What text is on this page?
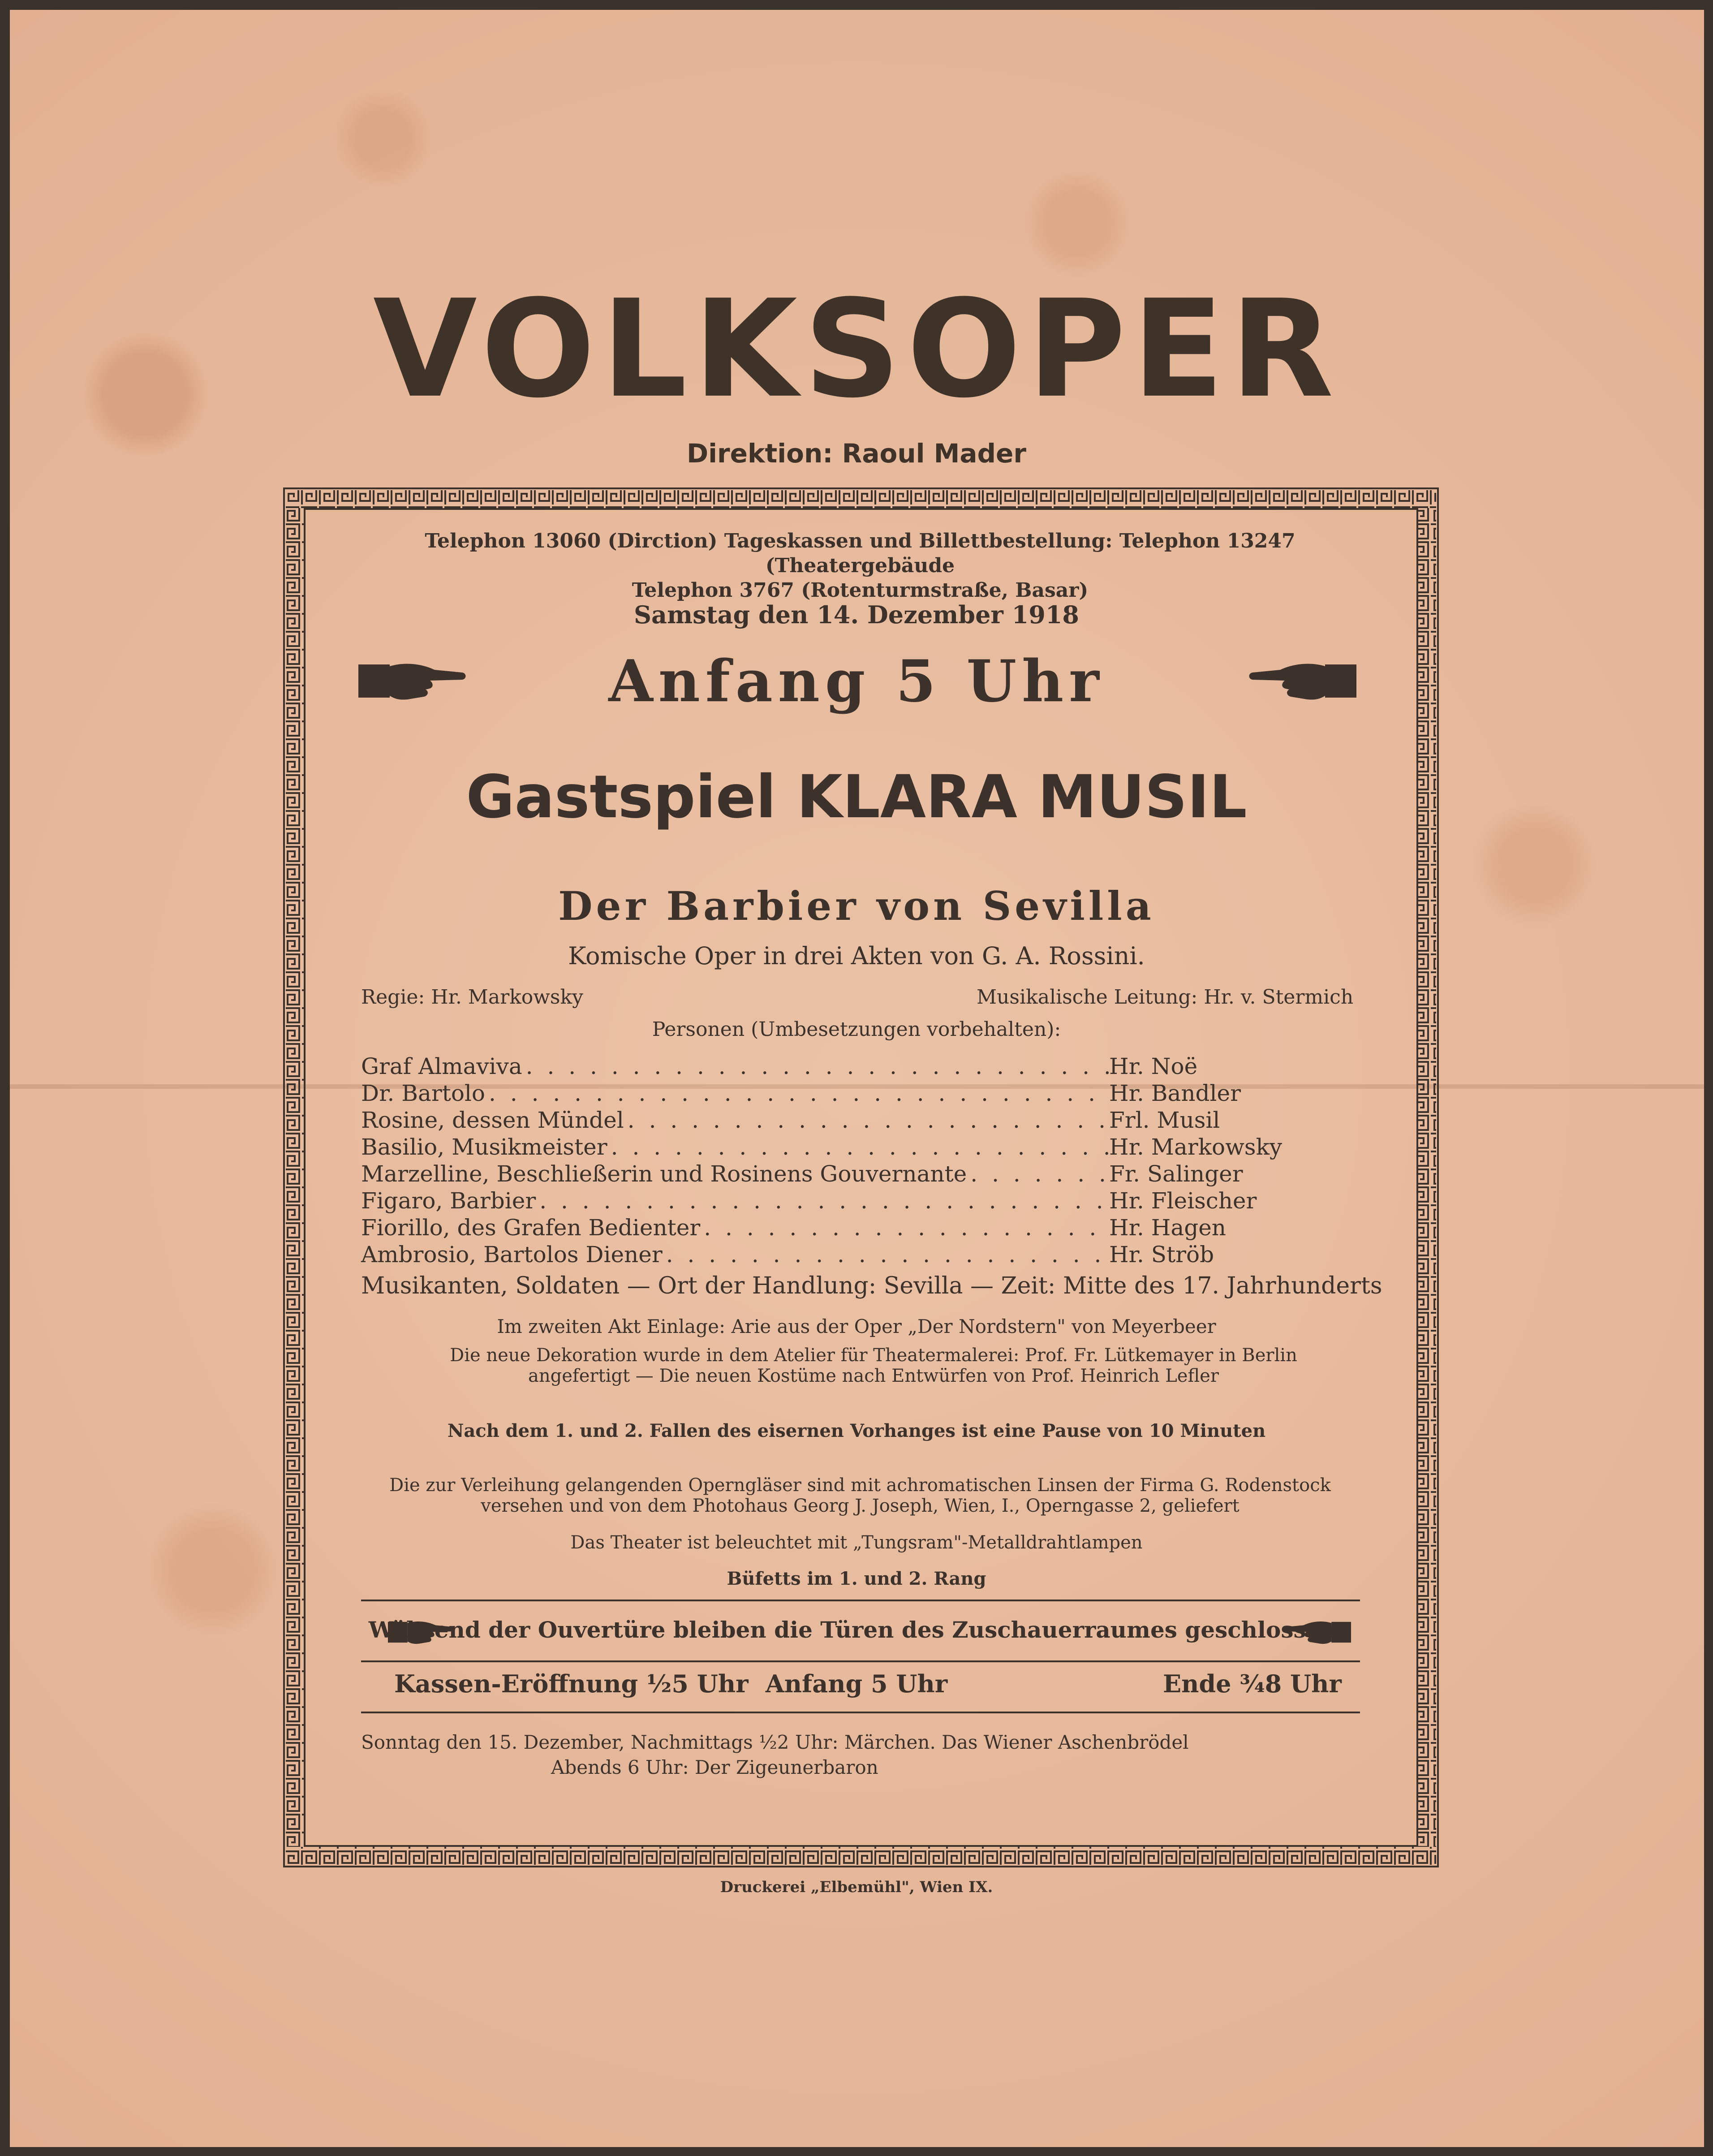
VOLKSOPER
Direktion: Raoul Mader
Telephon 13060 (Dirction) Tageskassen und Billettbestellung: Telephon 13247 (Theatergebäude
Telephon 3767 (Rotenturmstraße, Basar)
Samstag den 14. Dezember 1918
Anfang 5 Uhr
Gastspiel KLARA MUSIL
Der Barbier von Sevilla
Komische Oper in drei Akten von G. A. Rossini.
Regie: Hr. Markowsky	Musikalische Leitung: Hr. v. Stermich
Personen (Umbesetzungen vorbehalten):
Graf Almaviva . . .	Hr. Noë
Dr. Bartolo . . .	Hr. Bandler
Rosine, dessen Mündel . . .	Frl. Musil
Basilio, Musikmeister . . .	Hr. Markowsky
Marzelline, Beschließerin und Rosinens Gouvernante . . .	Fr. Salinger
Figaro, Barbier . . .	Hr. Fleischer
Fiorillo, des Grafen Bedienter . . .	Hr. Hagen
Ambrosio, Bartolos Diener . . .	Hr. Ströb
Musikanten, Soldaten — Ort der Handlung: Sevilla — Zeit: Mitte des 17. Jahrhunderts
Im zweiten Akt Einlage: Arie aus der Oper „Der Nordstern" von Meyerbeer
Die neue Dekoration wurde in dem Atelier für Theatermalerei: Prof. Fr. Lütkemayer in Berlin
angefertigt — Die neuen Kostüme nach Entwürfen von Prof. Heinrich Lefler
Nach dem 1. und 2. Fallen des eisernen Vorhanges ist eine Pause von 10 Minuten
Die zur Verleihung gelangenden Operngläser sind mit achromatischen Linsen der Firma G. Rodenstock
versehen und von dem Photohaus Georg J. Joseph, Wien, I., Operngasse 2, geliefert
Das Theater ist beleuchtet mit „Tungsram"-Metalldrahtlampen
Büfetts im 1. und 2. Rang
Während der Ouvertüre bleiben die Türen des Zuschauerraumes geschlossen.
Kassen-Eröffnung ½5 Uhr Anfang 5 Uhr	Ende ¾8 Uhr
Sonntag den 15. Dezember, Nachmittags ½2 Uhr: Märchen. Das Wiener Aschenbrödel
Abends 6 Uhr: Der Zigeunerbaron
Druckerei „Elbemühl", Wien IX.
